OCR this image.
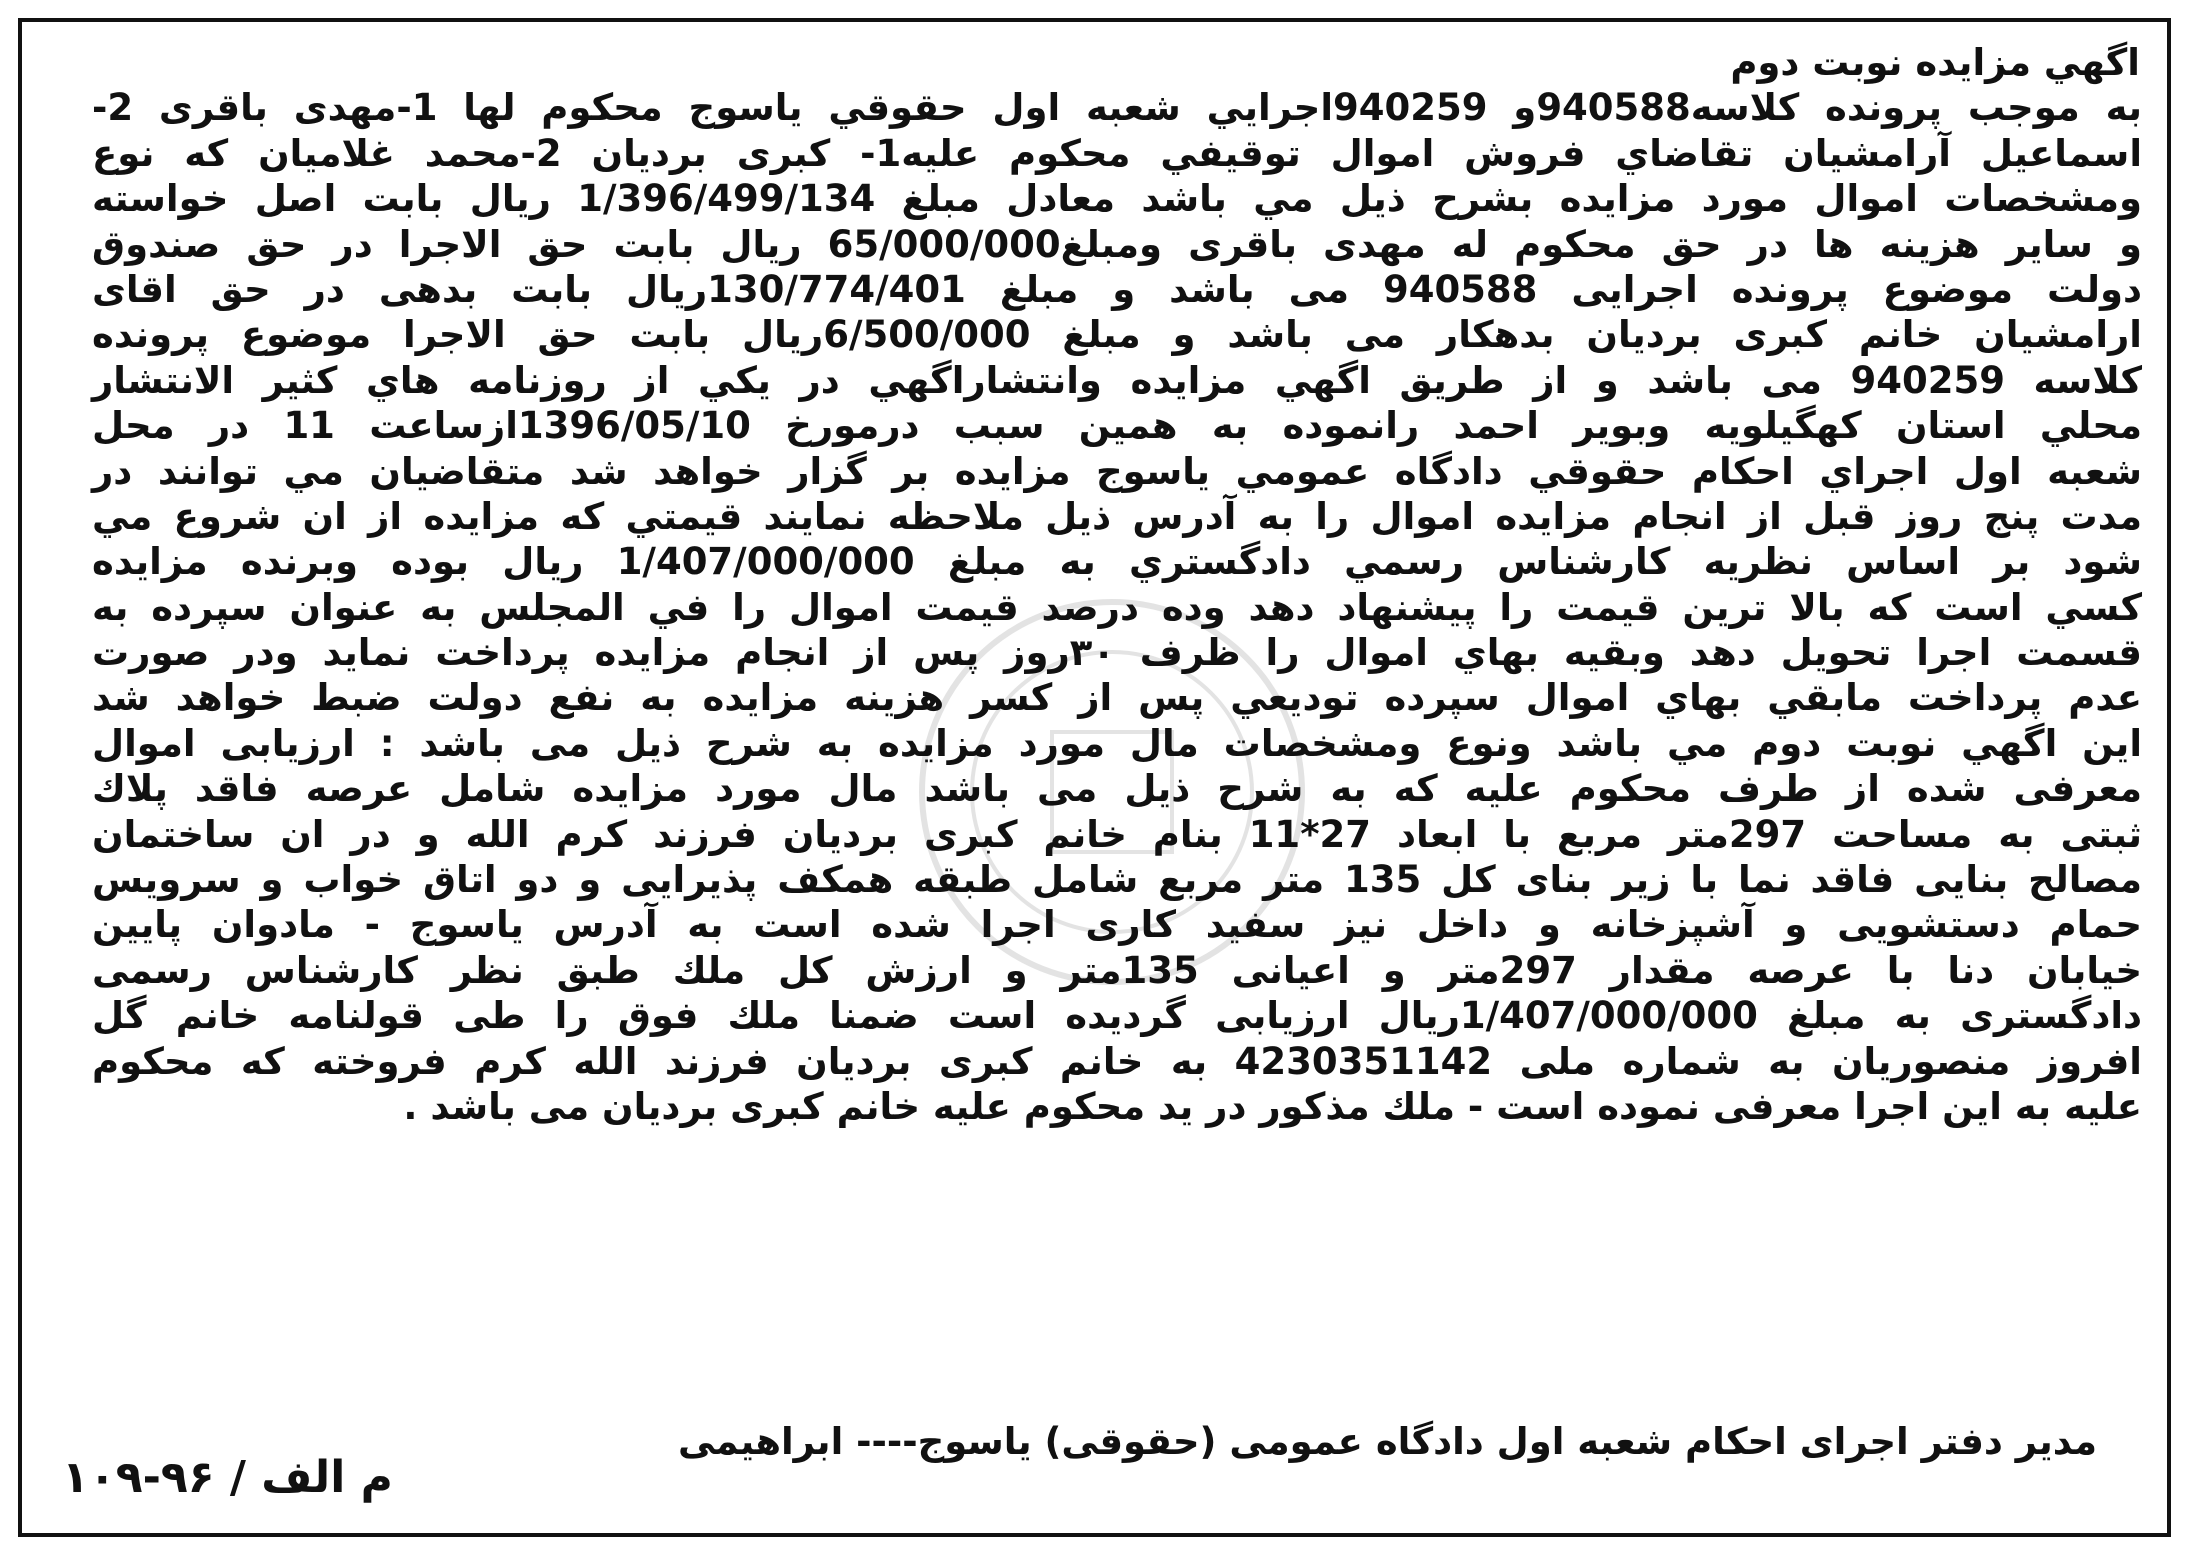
اگهي مزايده نوبت دوم
به موجب پرونده كلاسه940588و 940259اجرايي شعبه اول حقوقي ياسوج محكوم لها 1-مهدی باقری 2-
اسماعيل آرامشيان تقاضاي فروش اموال توقيفي محكوم عليه1- كبری برديان 2-محمد غلاميان كه نوع
ومشخصات اموال مورد مزايده بشرح ذيل مي باشد معادل مبلغ 1/396/499/134 ريال بابت اصل خواسته
و ساير هزينه ها در حق محكوم له مهدی باقری ومبلغ65/000/000 ريال بابت حق الاجرا در حق صندوق
دولت موضوع پرونده اجرايی 940588 می باشد و مبلغ 130/774/401ريال بابت بدهی در حق اقای
ارامشيان خانم كبری برديان بدهكار می باشد و مبلغ 6/500/000ريال بابت حق الاجرا موضوع پرونده
كلاسه 940259 می باشد و از طريق اگهي مزايده وانتشاراگهي در يكي از روزنامه هاي كثير الانتشار
محلي استان كهگيلويه وبوير احمد رانموده به همين سبب درمورخ 1396/05/10ازساعت 11 در محل
شعبه اول اجراي احكام حقوقي دادگاه عمومي ياسوج مزايده بر گزار خواهد شد متقاضيان مي توانند در
مدت پنج روز قبل از انجام مزايده اموال را به آدرس ذيل ملاحظه نمايند قيمتي كه مزايده از ان شروع مي
شود بر اساس نظريه كارشناس رسمي دادگستري به مبلغ 1/407/000/000 ريال بوده وبرنده مزايده
كسي است كه بالا ترين قيمت را پيشنهاد دهد وده درصد قيمت اموال را في المجلس به عنوان سپرده به
قسمت اجرا تحويل دهد وبقيه بهاي اموال را ظرف ۳۰روز پس از انجام مزايده پرداخت نمايد ودر صورت
عدم پرداخت مابقي بهاي اموال سپرده توديعي پس از كسر هزينه مزايده به نفع دولت ضبط خواهد شد
اين اگهي نوبت دوم مي باشد ونوع ومشخصات مال مورد مزايده به شرح ذيل می باشد : ارزيابی اموال
معرفی شده از طرف محكوم عليه كه به شرح ذيل می باشد مال مورد مزايده شامل عرصه فاقد پلاك
ثبتی به مساحت 297متر مربع با ابعاد 27*11 بنام خانم كبری برديان فرزند كرم الله و در ان ساختمان
مصالح بنايی فاقد نما با زير بنای كل 135 متر مربع شامل طبقه همكف پذيرايی و دو اتاق خواب و سرويس
حمام دستشويی و آشپزخانه و داخل نيز سفيد كاری اجرا شده است به آدرس ياسوج - مادوان پايين
خيابان دنا با عرصه مقدار 297متر و اعيانی 135متر و ارزش كل ملك طبق نظر كارشناس رسمی
دادگستری به مبلغ 1/407/000/000ريال ارزيابی گرديده است ضمنا ملك فوق را طی قولنامه خانم گل
افروز منصوريان به شماره ملی 4230351142 به خانم كبری برديان فرزند الله كرم فروخته كه محكوم
عليه به اين اجرا معرفی نموده است - ملك مذكور در يد محكوم عليه خانم كبری برديان می باشد .
مدير دفتر اجرای احكام شعبه اول دادگاه عمومی (حقوقی) ياسوج---- ابراهيمی
م الف / ۹۶-۱۰۹
